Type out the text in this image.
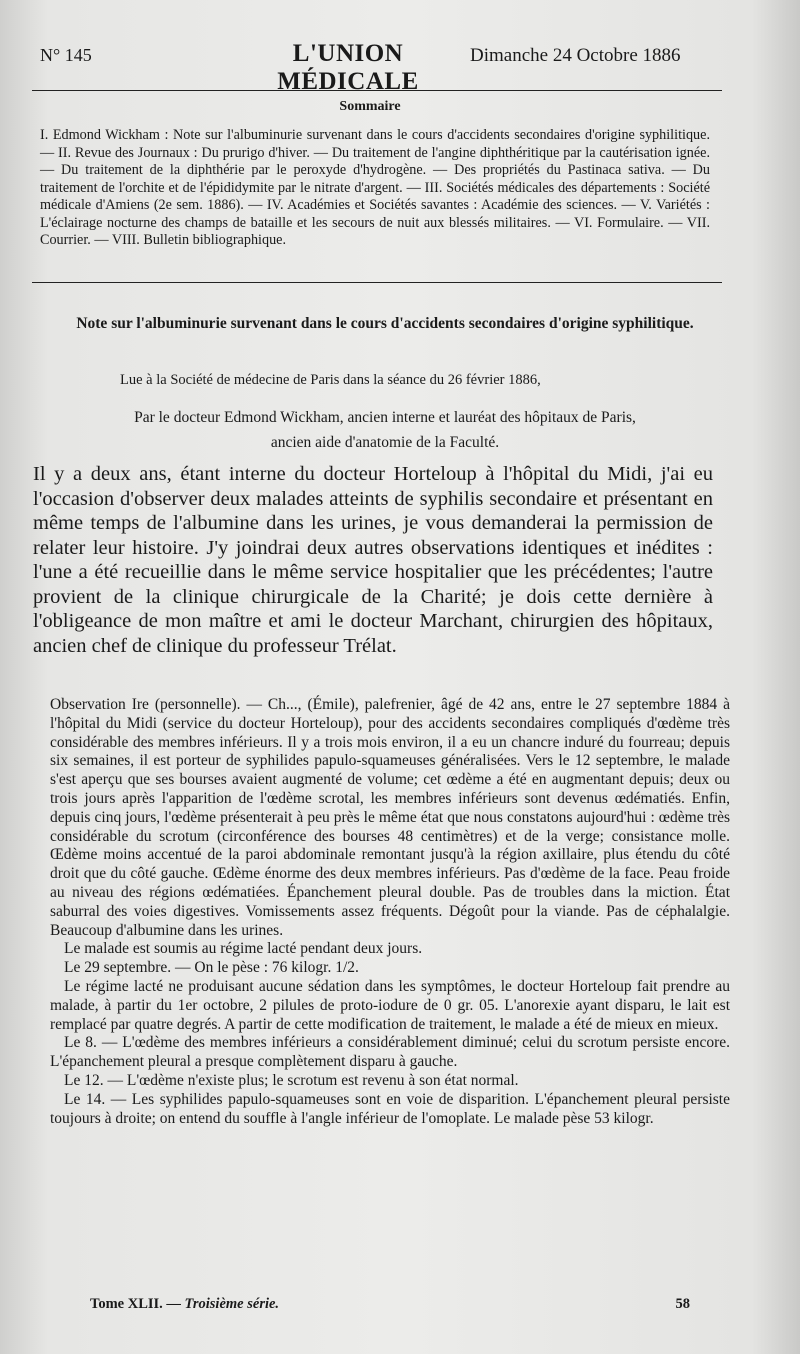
N° 145	L'UNION MÉDICALE
Dimanche 24 Octobre 1886
Sommaire
I. Edmond Wickham : Note sur l'albuminurie survenant dans le cours d'accidents secondaires d'origine syphilitique. — II. Revue des Journaux : Du prurigo d'hiver. — Du traitement de l'angine diphthéritique par la cautérisation ignée. — Du traitement de la diphthérie par le peroxyde d'hydrogène. — Des propriétés du Pastinaca sativa. — Du traitement de l'orchite et de l'épididymite par le nitrate d'argent. — III. Sociétés médicales des départements : Société médicale d'Amiens (2e sem. 1886). — IV. Académies et Sociétés savantes : Académie des sciences. — V. Variétés : L'éclairage nocturne des champs de bataille et les secours de nuit aux blessés militaires. — VI. Formulaire. — VII. Courrier. — VIII. Bulletin bibliographique.
Note sur l'albuminurie survenant dans le cours d'accidents secondaires d'origine syphilitique.
Lue à la Société de médecine de Paris dans la séance du 26 février 1886,
Par le docteur Edmond Wickham, ancien interne et lauréat des hôpitaux de Paris,
ancien aide d'anatomie de la Faculté.
Il y a deux ans, étant interne du docteur Horteloup à l'hôpital du Midi, j'ai eu l'occasion d'observer deux malades atteints de syphilis secondaire et présentant en même temps de l'albumine dans les urines, je vous demanderai la permission de relater leur histoire. J'y joindrai deux autres observations identiques et inédites : l'une a été recueillie dans le même service hospitalier que les précédentes; l'autre provient de la clinique chirurgicale de la Charité; je dois cette dernière à l'obligeance de mon maître et ami le docteur Marchant, chirurgien des hôpitaux, ancien chef de clinique du professeur Trélat.

Observation Ire (personnelle). — Ch..., (Émile), palefrenier, âgé de 42 ans, entre le 27 septembre 1884 à l'hôpital du Midi (service du docteur Horteloup), pour des accidents secondaires compliqués d'œdème très considérable des membres inférieurs. Il y a trois mois environ, il a eu un chancre induré du fourreau; depuis six semaines, il est porteur de syphilides papulo-squameuses généralisées. Vers le 12 septembre, le malade s'est aperçu que ses bourses avaient augmenté de volume; cet œdème a été en augmentant depuis; deux ou trois jours après l'apparition de l'œdème scrotal, les membres inférieurs sont devenus œdématiés. Enfin, depuis cinq jours, l'œdème présenterait à peu près le même état que nous constatons aujourd'hui : œdème très considérable du scrotum (circonférence des bourses 48 centimètres) et de la verge; consistance molle. Œdème moins accentué de la paroi abdominale remontant jusqu'à la région axillaire, plus étendu du côté droit que du côté gauche. Œdème énorme des deux membres inférieurs. Pas d'œdème de la face. Peau froide au niveau des régions œdématiées. Épanchement pleural double. Pas de troubles dans la miction. État saburral des voies digestives. Vomissements assez fréquents. Dégoût pour la viande. Pas de céphalalgie. Beaucoup d'albumine dans les urines.

Le malade est soumis au régime lacté pendant deux jours.

Le 29 septembre. — On le pèse : 76 kilogr. 1/2.

Le régime lacté ne produisant aucune sédation dans les symptômes, le docteur Horteloup fait prendre au malade, à partir du 1er octobre, 2 pilules de proto-iodure de 0 gr. 05. L'anorexie ayant disparu, le lait est remplacé par quatre degrés. A partir de cette modification de traitement, le malade a été de mieux en mieux.

Le 8. — L'œdème des membres inférieurs a considérablement diminué; celui du scrotum persiste encore. L'épanchement pleural a presque complètement disparu à gauche.

Le 12. — L'œdème n'existe plus; le scrotum est revenu à son état normal.

Le 14. — Les syphilides papulo-squameuses sont en voie de disparition. L'épanchement pleural persiste toujours à droite; on entend du souffle à l'angle inférieur de l'omoplate. Le malade pèse 53 kilogr.

Tome XLII. — Troisième série.	58
